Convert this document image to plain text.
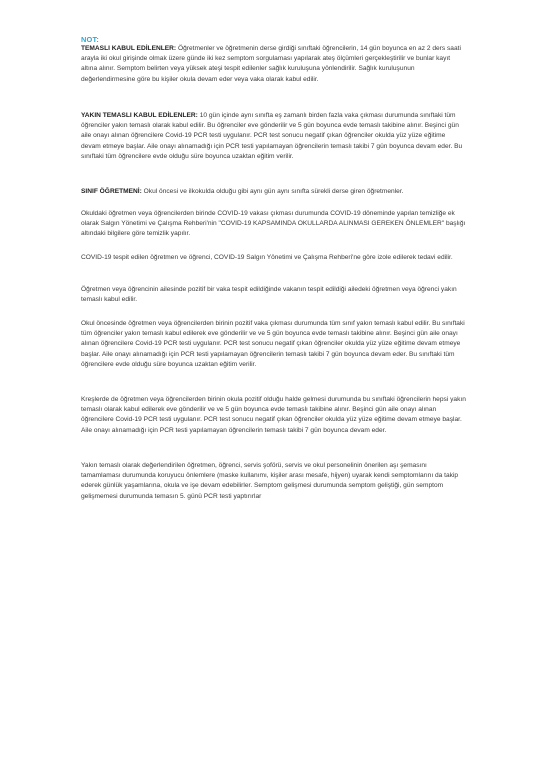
NOT:
TEMASLI KABUL EDİLENLER: Öğretmenler ve öğretmenin derse girdiği sınıftaki öğrencilerin, 14 gün boyunca en az 2 ders saati arayla iki okul girişinde olmak üzere günde iki kez semptom sorgulaması yapılarak ateş ölçümleri gerçekleştirilir ve bunlar kayıt altına alınır. Semptom belirten veya yüksek ateşi tespit edilenler sağlık kuruluşuna yönlendirilir. Sağlık kuruluşunun değerlendirmesine göre bu kişiler okula devam eder veya vaka olarak kabul edilir.
YAKIN TEMASLI KABUL EDİLENLER: 10 gün içinde aynı sınıfta eş zamanlı birden fazla vaka çıkması durumunda sınıftaki tüm öğrenciler yakın temaslı olarak kabul edilir. Bu öğrenciler eve gönderilir ve 5 gün boyunca evde temaslı takibine alınır. Beşinci gün aile onayı alınan öğrencilere Covid-19 PCR testi uygulanır. PCR test sonucu negatif çıkan öğrenciler okulda yüz yüze eğitime devam etmeye başlar. Aile onayı alınamadığı için PCR testi yapılamayan öğrencilerin temaslı takibi 7 gün boyunca devam eder. Bu sınıftaki tüm öğrencilere evde olduğu süre boyunca uzaktan eğitim verilir.
SINIF ÖĞRETMENİ: Okul öncesi ve ilkokulda olduğu gibi aynı gün aynı sınıfta sürekli derse giren öğretmenler.
Okuldaki öğretmen veya öğrencilerden birinde COVID-19 vakası çıkması durumunda COVID-19 döneminde yapılan temizliğe ek olarak Salgın Yönetimi ve Çalışma Rehberi'nin "COVID-19 KAPSAMINDA OKULLARDA ALINMASI GEREKEN ÖNLEMLER" başlığı altındaki bilgilere göre temizlik yapılır.
COVID-19 tespit edilen öğretmen ve öğrenci, COVID-19 Salgın Yönetimi ve Çalışma Rehberi'ne göre izole edilerek tedavi edilir.
Öğretmen veya öğrencinin ailesinde pozitif bir vaka tespit edildiğinde vakanın tespit edildiği ailedeki öğretmen veya öğrenci yakın temaslı kabul edilir.
Okul öncesinde öğretmen veya öğrencilerden birinin pozitif vaka çıkması durumunda tüm sınıf yakın temaslı kabul edilir. Bu sınıftaki tüm öğrenciler yakın temaslı kabul edilerek eve gönderilir ve ve 5 gün boyunca evde temaslı takibine alınır. Beşinci gün aile onayı alınan öğrencilere Covid-19 PCR testi uygulanır. PCR test sonucu negatif çıkan öğrenciler okulda yüz yüze eğitime devam etmeye başlar. Aile onayı alınamadığı için PCR testi yapılamayan öğrencilerin temaslı takibi 7 gün boyunca devam eder. Bu sınıftaki tüm öğrencilere evde olduğu süre boyunca uzaktan eğitim verilir.
Kreşlerde de öğretmen veya öğrencilerden birinin okula pozitif olduğu halde gelmesi durumunda bu sınıftaki öğrencilerin hepsi yakın temaslı olarak kabul edilerek eve gönderilir ve ve 5 gün boyunca evde temaslı takibine alınır. Beşinci gün aile onayı alınan öğrencilere Covid-19 PCR testi uygulanır. PCR test sonucu negatif çıkan öğrenciler okulda yüz yüze eğitime devam etmeye başlar. Aile onayı alınamadığı için PCR testi yapılamayan öğrencilerin temaslı takibi 7 gün boyunca devam eder.
Yakın temaslı olarak değerlendirilen öğretmen, öğrenci, servis şoförü, servis ve okul personelinin önerilen aşı şemasını tamamlaması durumunda koruyucu önlemlere (maske kullanımı, kişiler arası mesafe, hijyen) uyarak kendi semptomlarını da takip ederek günlük yaşamlarına, okula ve işe devam edebilirler. Semptom gelişmesi durumunda semptom geliştiği, gün semptom gelişmemesi durumunda temasın 5. günü PCR testi yaptırırlar
